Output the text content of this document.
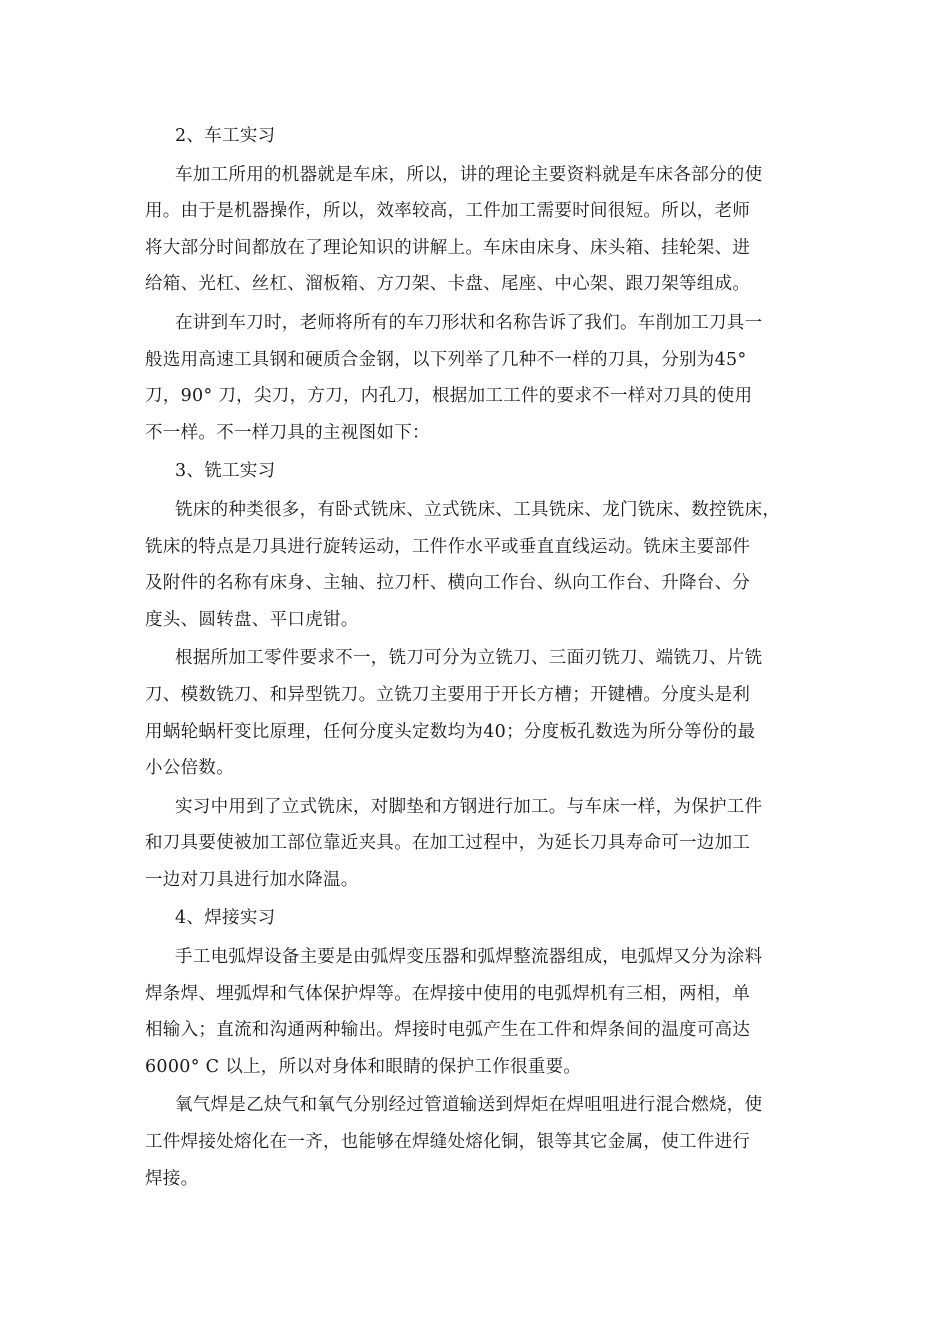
2、车工实习
车加工所用的机器就是车床，所以，讲的理论主要资料就是车床各部分的使
用。由于是机器操作，所以，效率较高，工件加工需要时间很短。所以，老师
将大部分时间都放在了理论知识的讲解上。车床由床身、床头箱、挂轮架、进
给箱、光杠、丝杠、溜板箱、方刀架、卡盘、尾座、中心架、跟刀架等组成。
在讲到车刀时，老师将所有的车刀形状和名称告诉了我们。车削加工刀具一
般选用高速工具钢和硬质合金钢，以下列举了几种不一样的刀具，分别为45°
刀，90° 刀，尖刀，方刀，内孔刀，根据加工工件的要求不一样对刀具的使用
不一样。不一样刀具的主视图如下：
3、铣工实习
铣床的种类很多，有卧式铣床、立式铣床、工具铣床、龙门铣床、数控铣床，
铣床的特点是刀具进行旋转运动，工件作水平或垂直直线运动。铣床主要部件
及附件的名称有床身、主轴、拉刀杆、横向工作台、纵向工作台、升降台、分
度头、圆转盘、平口虎钳。
根据所加工零件要求不一，铣刀可分为立铣刀、三面刃铣刀、端铣刀、片铣
刀、模数铣刀、和异型铣刀。立铣刀主要用于开长方槽；开键槽。分度头是利
用蜗轮蜗杆变比原理，任何分度头定数均为40；分度板孔数选为所分等份的最
小公倍数。
实习中用到了立式铣床，对脚垫和方钢进行加工。与车床一样，为保护工件
和刀具要使被加工部位靠近夹具。在加工过程中，为延长刀具寿命可一边加工
一边对刀具进行加水降温。
4、焊接实习
手工电弧焊设备主要是由弧焊变压器和弧焊整流器组成，电弧焊又分为涂料
焊条焊、埋弧焊和气体保护焊等。在焊接中使用的电弧焊机有三相，两相，单
相输入；直流和沟通两种输出。焊接时电弧产生在工件和焊条间的温度可高达
6000° C 以上，所以对身体和眼睛的保护工作很重要。
氧气焊是乙炔气和氧气分别经过管道输送到焊炬在焊咀咀进行混合燃烧，使
工件焊接处熔化在一齐，也能够在焊缝处熔化铜，银等其它金属，使工件进行
焊接。
